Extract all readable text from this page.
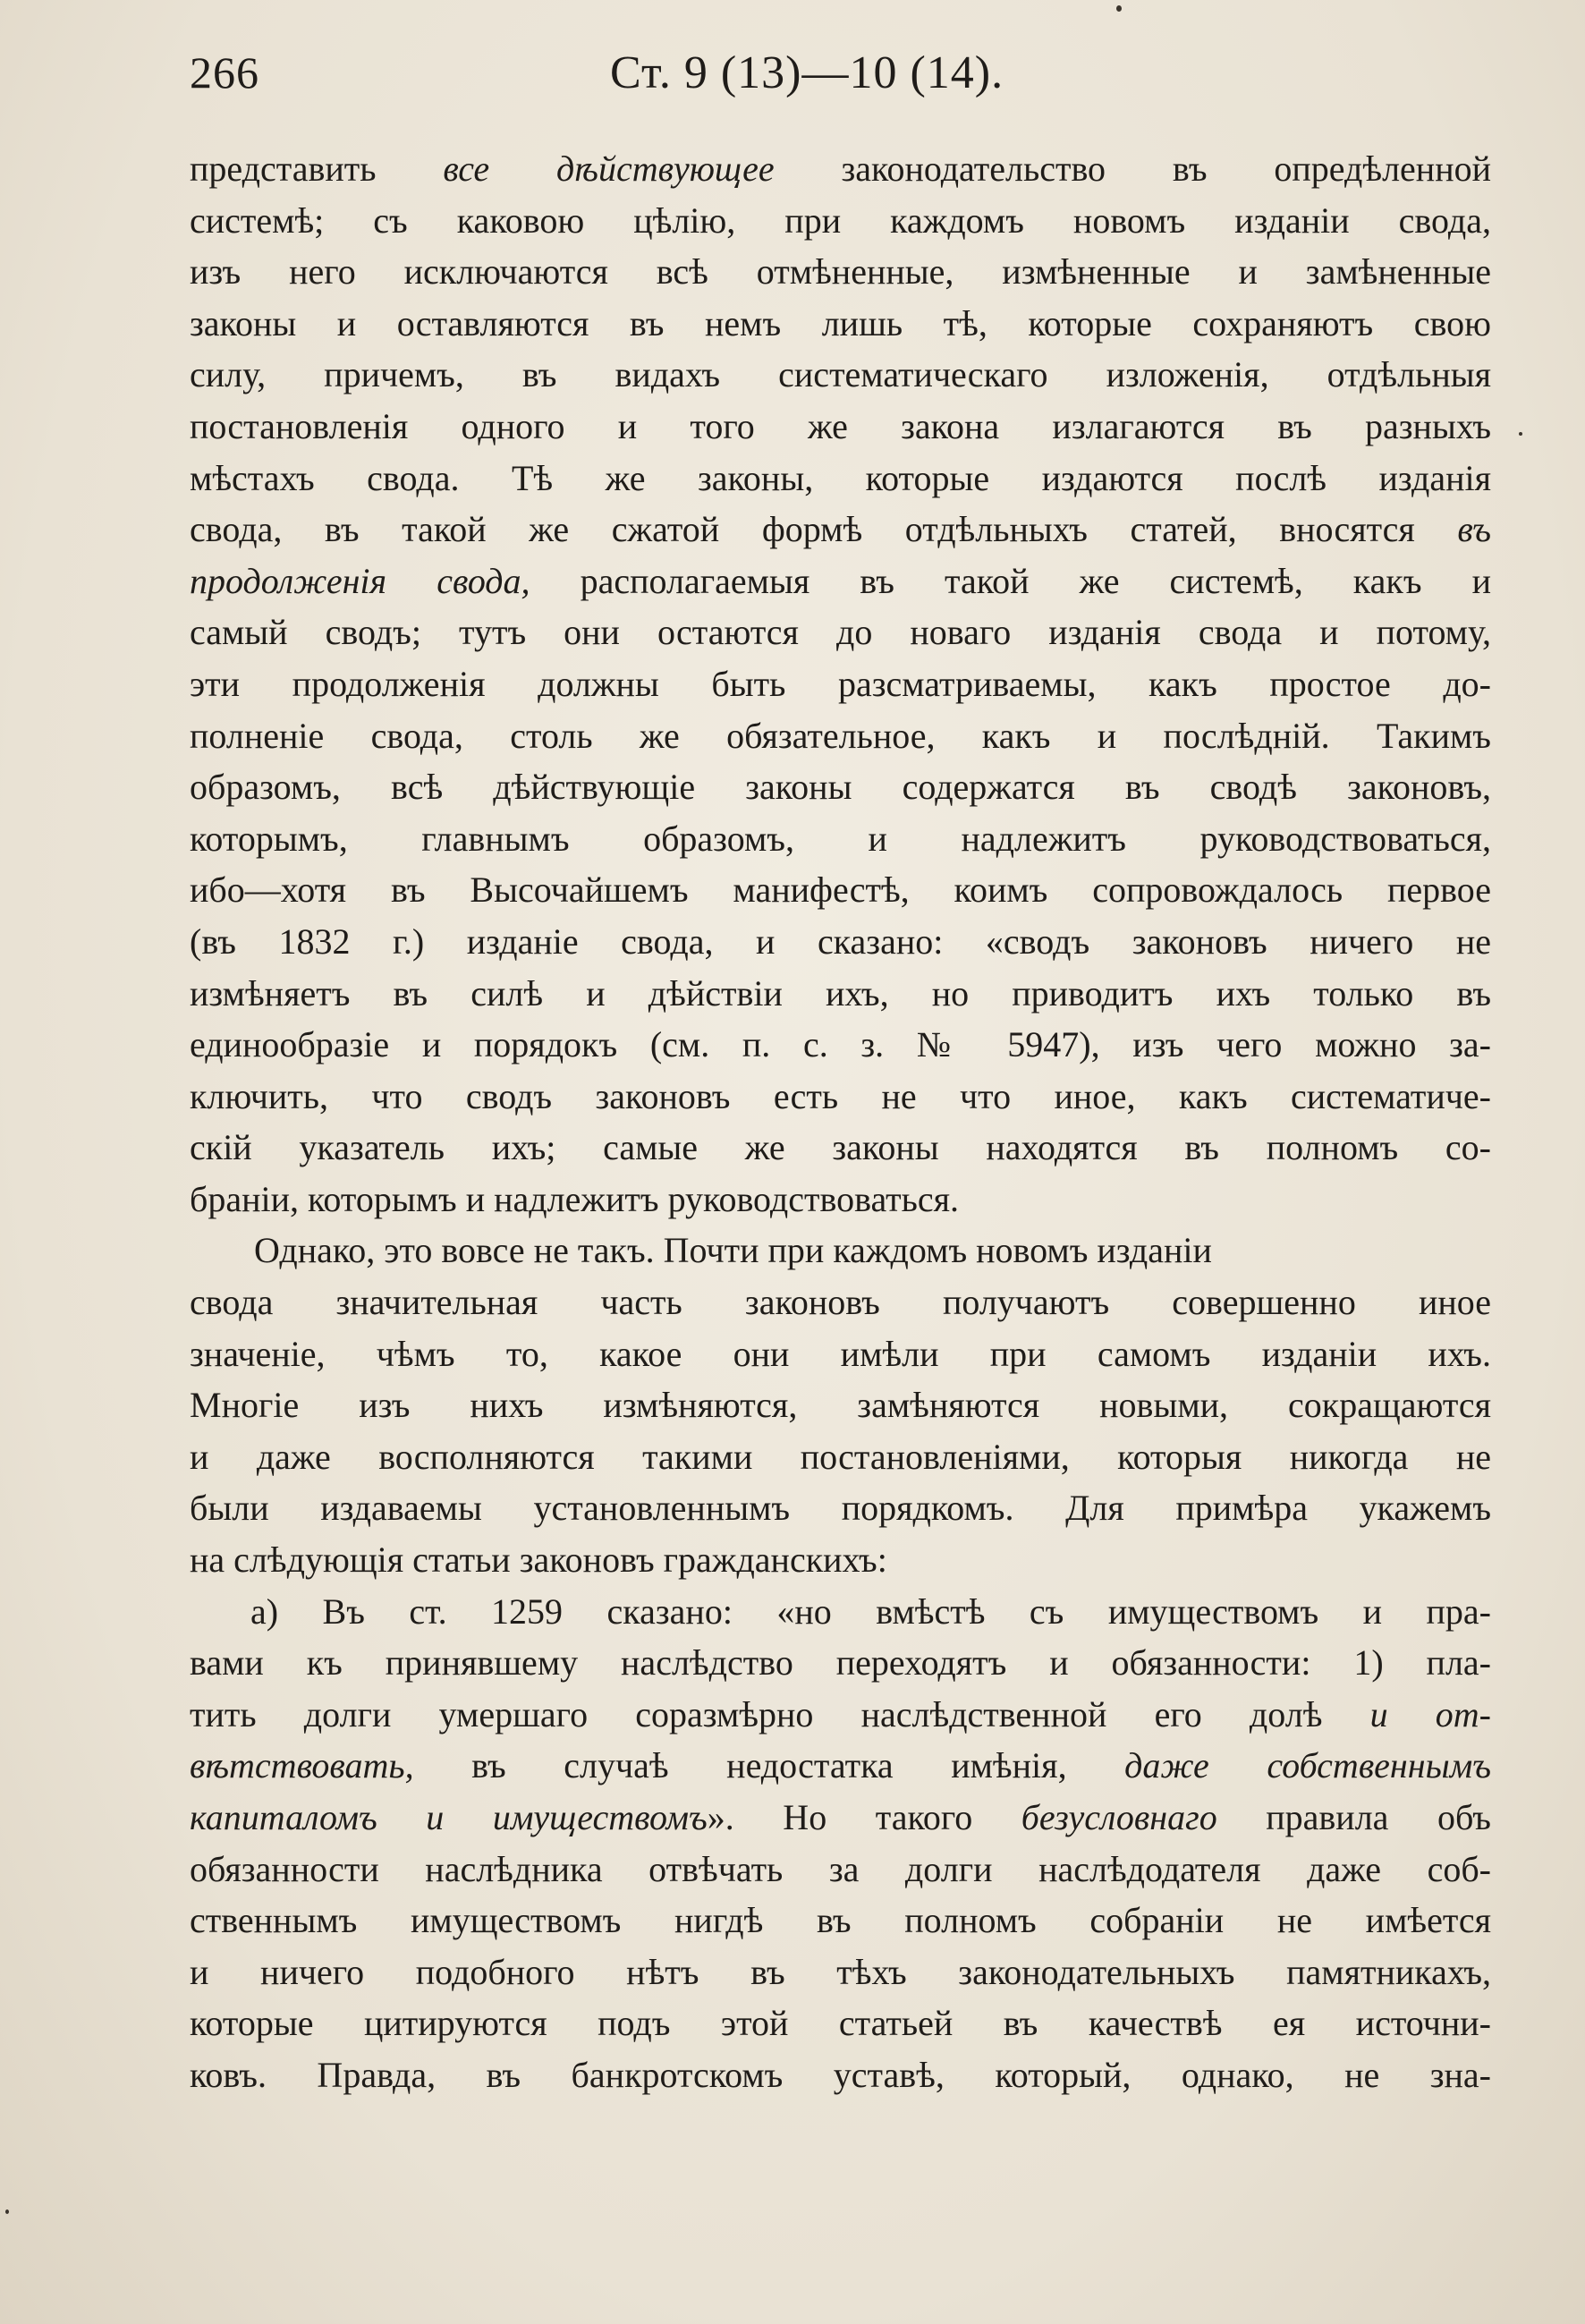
266	Ст. 9 (13)—10 (14).
представить все дѣйствующее законодательство въ опредѣленной
системѣ; съ каковою цѣлію, при каждомъ новомъ изданіи свода,
изъ него исключаются всѣ отмѣненные, измѣненные и замѣненные
законы и оставляются въ немъ лишь тѣ, которые сохраняютъ свою
силу, причемъ, въ видахъ систематическаго изложенія, отдѣльныя
постановленія одного и того же закона излагаются въ разныхъ
мѣстахъ свода. Тѣ же законы, которые издаются послѣ изданія
свода, въ такой же сжатой формѣ отдѣльныхъ статей, вносятся въ
продолженія свода, располагаемыя въ такой же системѣ, какъ и
самый сводъ; тутъ они остаются до новаго изданія свода и потому,
эти продолженія должны быть разсматриваемы, какъ простое до-
полненіе свода, столь же обязательное, какъ и послѣдній. Такимъ
образомъ, всѣ дѣйствующіе законы содержатся въ сводѣ законовъ,
которымъ, главнымъ образомъ, и надлежитъ руководствоваться,
ибо—хотя въ Высочайшемъ манифестѣ, коимъ сопровождалось первое
(въ 1832 г.) изданіе свода, и сказано: «сводъ законовъ ничего не
измѣняетъ въ силѣ и дѣйствіи ихъ, но приводитъ ихъ только въ
единообразіе и порядокъ (см. п. с. з. № 5947), изъ чего можно за-
ключить, что сводъ законовъ есть не что иное, какъ систематиче-
скій указатель ихъ; самые же законы находятся въ полномъ со-
браніи, которымъ и надлежитъ руководствоваться.
Однако, это вовсе не такъ. Почти при каждомъ новомъ изданіи
свода значительная часть законовъ получаютъ совершенно иное
значеніе, чѣмъ то, какое они имѣли при самомъ изданіи ихъ.
Многіе изъ нихъ измѣняются, замѣняются новыми, сокращаются
и даже восполняются такими постановленіями, которыя никогда не
были издаваемы установленнымъ порядкомъ. Для примѣра укажемъ
на слѣдующія статьи законовъ гражданскихъ:
а) Въ ст. 1259 сказано: «но вмѣстѣ съ имуществомъ и пра-
вами къ принявшему наслѣдство переходятъ и обязанности: 1) пла-
тить долги умершаго соразмѣрно наслѣдственной его долѣ и от-
вѣтствовать, въ случаѣ недостатка имѣнія, даже собственнымъ
капиталомъ и имуществомъ». Но такого безусловнаго правила объ
обязанности наслѣдника отвѣчать за долги наслѣдодателя даже соб-
ственнымъ имуществомъ нигдѣ въ полномъ собраніи не имѣется
и ничего подобного нѣтъ въ тѣхъ законодательныхъ памятникахъ,
которые цитируются подъ этой статьей въ качествѣ ея источни-
ковъ. Правда, въ банкротскомъ уставѣ, который, однако, не зна-
